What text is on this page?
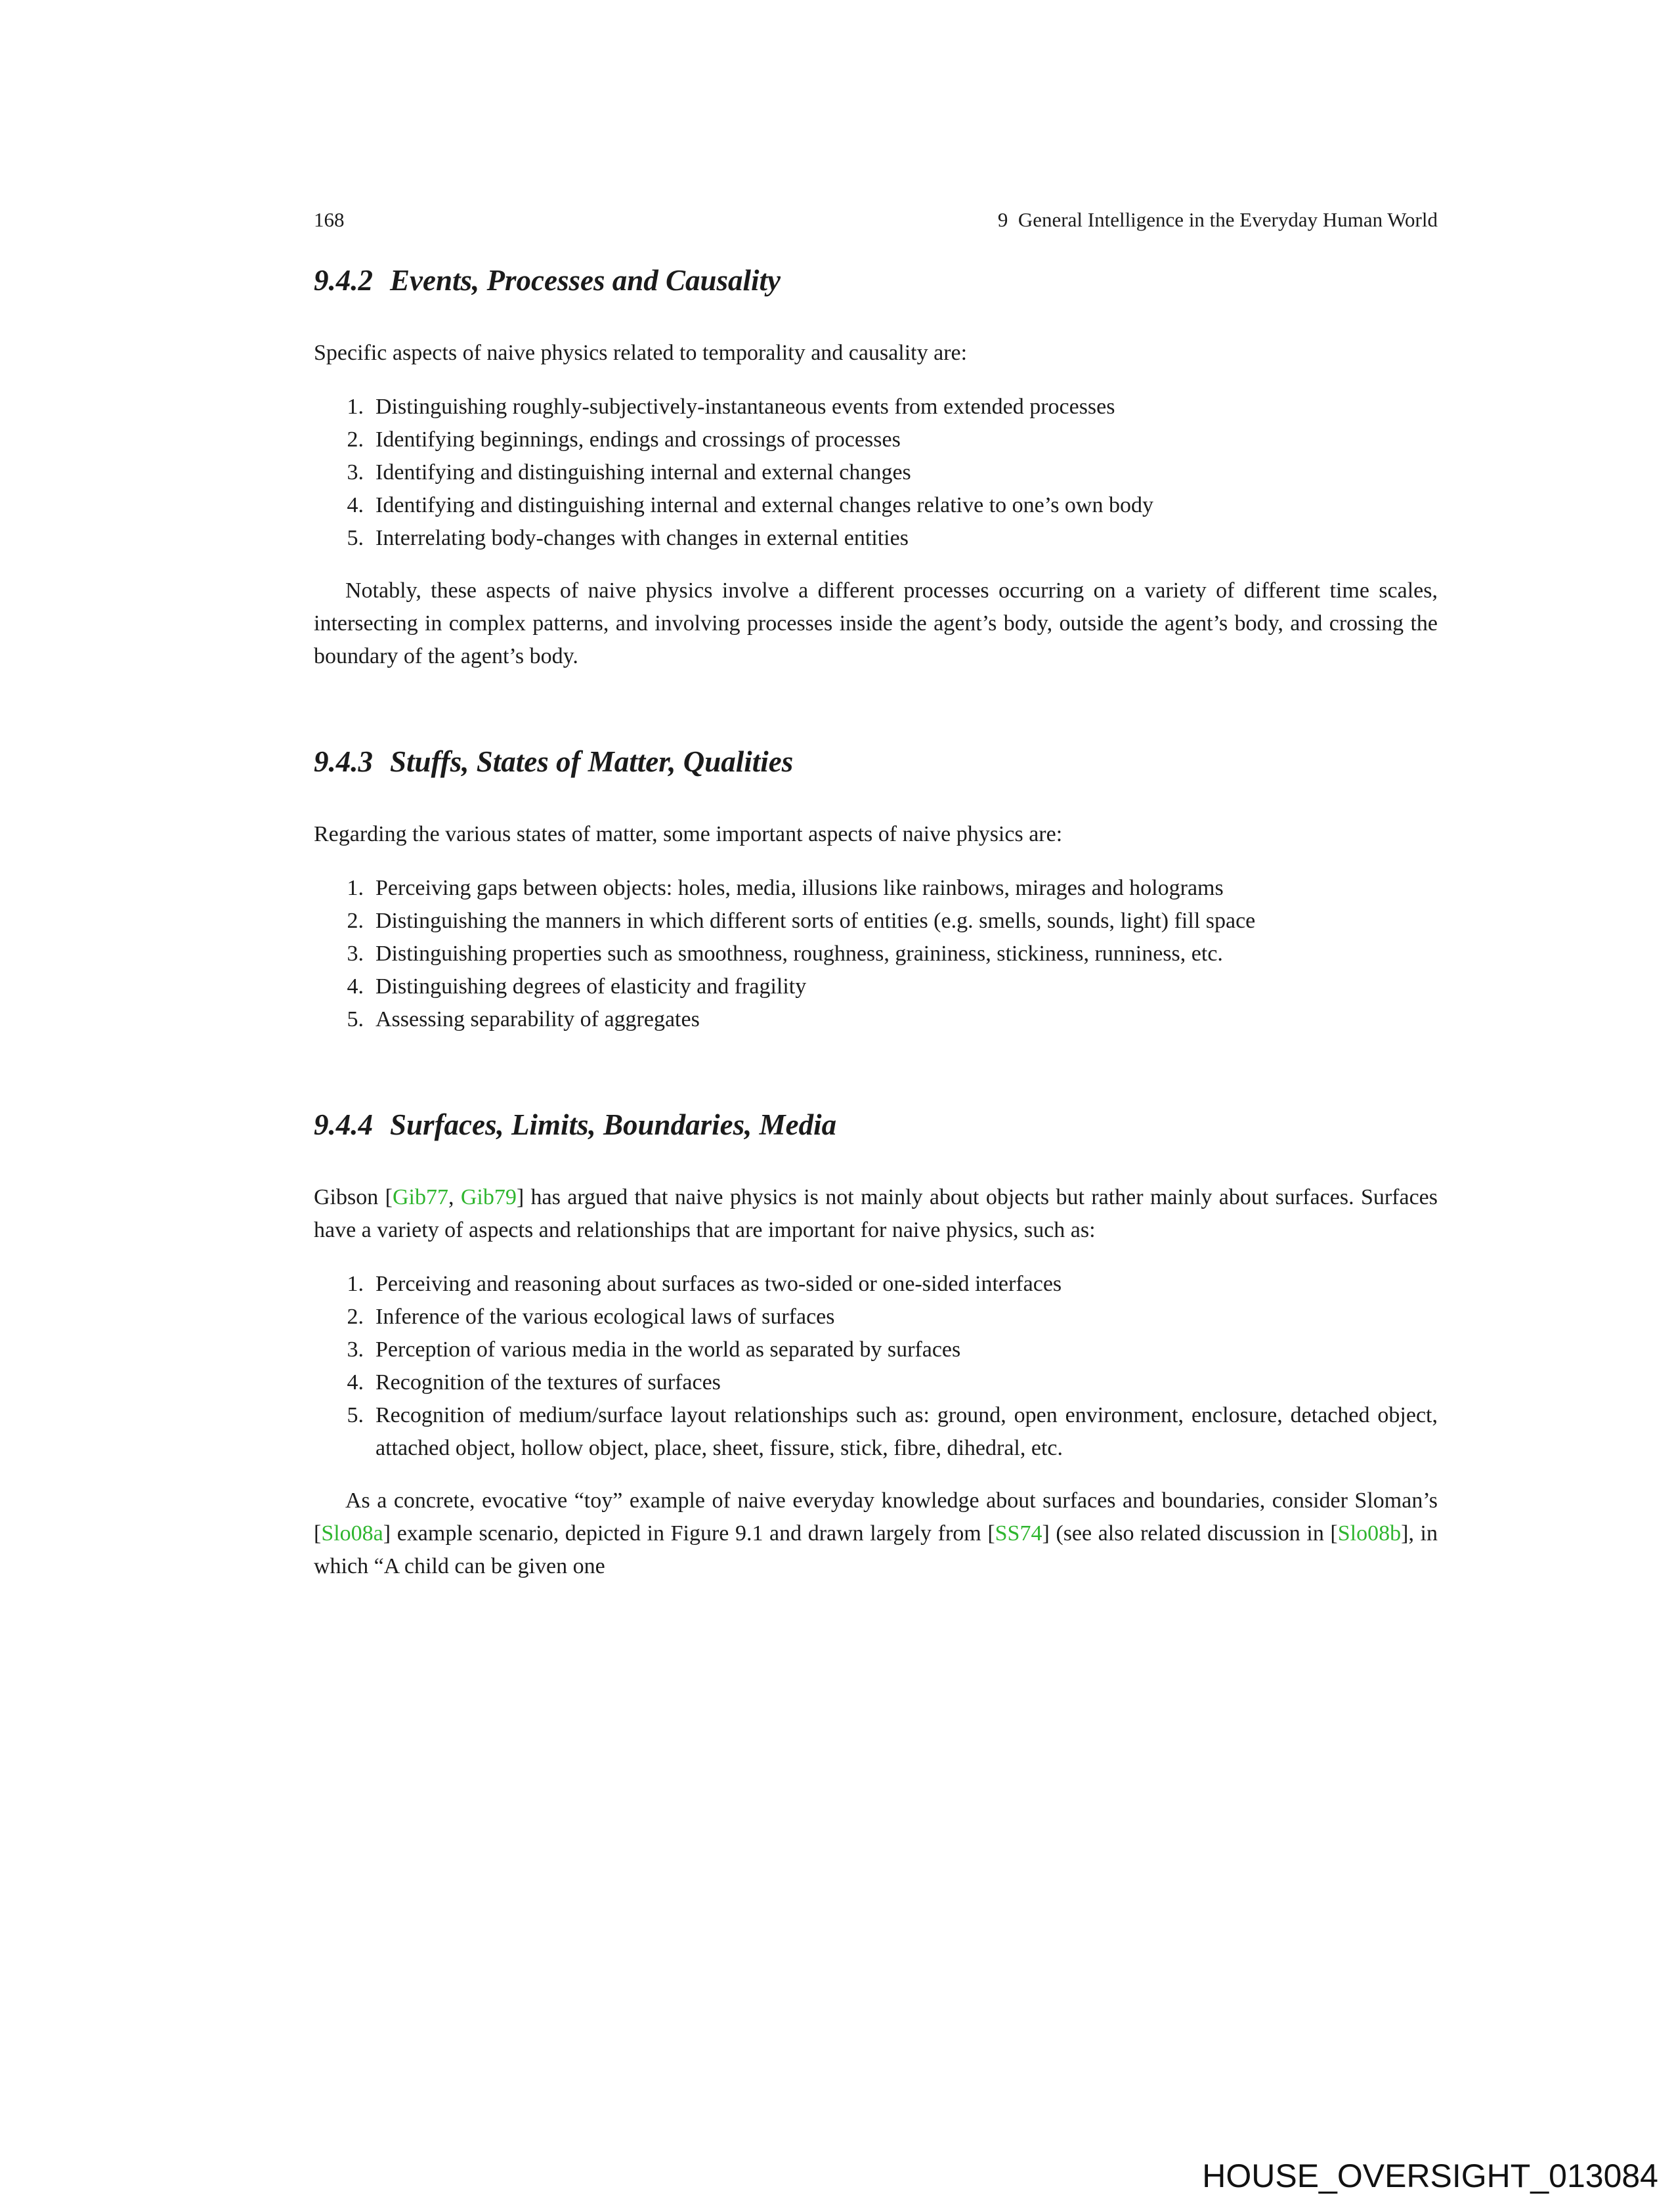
168	9  General Intelligence in the Everyday Human World
9.4.2 Events, Processes and Causality

Specific aspects of naive physics related to temporality and causality are:

1. Distinguishing roughly-subjectively-instantaneous events from extended processes
2. Identifying beginnings, endings and crossings of processes
3. Identifying and distinguishing internal and external changes
4. Identifying and distinguishing internal and external changes relative to one’s own body
5. Interrelating body-changes with changes in external entities

Notably, these aspects of naive physics involve a different processes occurring on a variety of different time scales, intersecting in complex patterns, and involving processes inside the agent’s body, outside the agent’s body, and crossing the boundary of the agent’s body.

9.4.3 Stuffs, States of Matter, Qualities

Regarding the various states of matter, some important aspects of naive physics are:

1. Perceiving gaps between objects: holes, media, illusions like rainbows, mirages and holograms
2. Distinguishing the manners in which different sorts of entities (e.g. smells, sounds, light) fill space
3. Distinguishing properties such as smoothness, roughness, graininess, stickiness, runniness, etc.
4. Distinguishing degrees of elasticity and fragility
5. Assessing separability of aggregates
9.4.4 Surfaces, Limits, Boundaries, Media

Gibson [Gib77, Gib79] has argued that naive physics is not mainly about objects but rather mainly about surfaces. Surfaces have a variety of aspects and relationships that are important for naive physics, such as:

1. Perceiving and reasoning about surfaces as two-sided or one-sided interfaces
2. Inference of the various ecological laws of surfaces
3. Perception of various media in the world as separated by surfaces
4. Recognition of the textures of surfaces
5. Recognition of medium/surface layout relationships such as: ground, open environment, enclosure, detached object, attached object, hollow object, place, sheet, fissure, stick, fibre, dihedral, etc.

As a concrete, evocative “toy” example of naive everyday knowledge about surfaces and boundaries, consider Sloman’s [Slo08a] example scenario, depicted in Figure 9.1 and drawn largely from [SS74] (see also related discussion in [Slo08b], in which “A child can be given one

HOUSE_OVERSIGHT_013084
